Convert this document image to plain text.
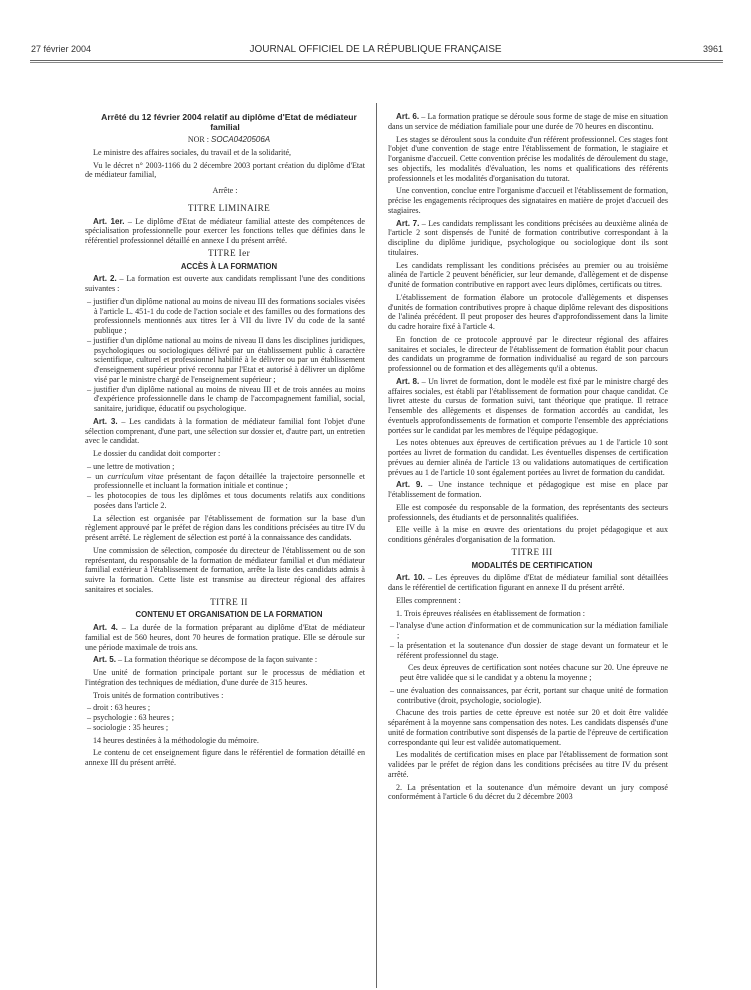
27 février 2004	JOURNAL OFFICIEL DE LA RÉPUBLIQUE FRANÇAISE	3961

Arrêté du 12 février 2004 relatif au diplôme d'Etat de médiateur familial

NOR : SOCA0420506A

Le ministre des affaires sociales, du travail et de la solidarité,

Vu le décret n° 2003-1166 du 2 décembre 2003 portant création du diplôme d'Etat de médiateur familial,

Arrête :

TITRE LIMINAIRE

Art. 1er. – Le diplôme d'Etat de médiateur familial atteste des compétences de spécialisation professionnelle pour exercer les fonctions telles que définies dans le référentiel professionnel détaillé en annexe I du présent arrêté.

TITRE Ier

ACCÈS À LA FORMATION

Art. 2. – La formation est ouverte aux candidats remplissant l'une des conditions suivantes :

– justifier d'un diplôme national au moins de niveau III des formations sociales visées à l'article L. 451-1 du code de l'action sociale et des familles ou des formations des professionnels mentionnés aux titres Ier à VII du livre IV du code de la santé publique ;
– justifier d'un diplôme national au moins de niveau II dans les disciplines juridiques, psychologiques ou sociologiques délivré par un établissement public à caractère scientifique, culturel et professionnel habilité à le délivrer ou par un établissement d'enseignement supérieur privé reconnu par l'Etat et autorisé à délivrer un diplôme visé par le ministre chargé de l'enseignement supérieur ;
– justifier d'un diplôme national au moins de niveau III et de trois années au moins d'expérience professionnelle dans le champ de l'accompagnement familial, social, sanitaire, juridique, éducatif ou psychologique.

Art. 3. – Les candidats à la formation de médiateur familial font l'objet d'une sélection comprenant, d'une part, une sélection sur dossier et, d'autre part, un entretien avec le candidat.

Le dossier du candidat doit comporter :

– une lettre de motivation ;
– un curriculum vitae présentant de façon détaillée la trajectoire personnelle et professionnelle et incluant la formation initiale et continue ;
– les photocopies de tous les diplômes et tous documents relatifs aux conditions posées dans l'article 2.

La sélection est organisée par l'établissement de formation sur la base d'un règlement approuvé par le préfet de région dans les conditions précisées au titre IV du présent arrêté. Le règlement de sélection est porté à la connaissance des candidats.

Une commission de sélection, composée du directeur de l'établissement ou de son représentant, du responsable de la formation de médiateur familial et d'un médiateur familial extérieur à l'établissement de formation, arrête la liste des candidats admis à suivre la formation. Cette liste est transmise au directeur régional des affaires sanitaires et sociales.

TITRE II

CONTENU ET ORGANISATION DE LA FORMATION

Art. 4. – La durée de la formation préparant au diplôme d'Etat de médiateur familial est de 560 heures, dont 70 heures de formation pratique. Elle se déroule sur une période maximale de trois ans.

Art. 5. – La formation théorique se décompose de la façon suivante :

Une unité de formation principale portant sur le processus de médiation et l'intégration des techniques de médiation, d'une durée de 315 heures.

Trois unités de formation contributives :

– droit : 63 heures ;
– psychologie : 63 heures ;
– sociologie : 35 heures ;

14 heures destinées à la méthodologie du mémoire.

Le contenu de cet enseignement figure dans le référentiel de formation détaillé en annexe III du présent arrêté.

Art. 6. – La formation pratique se déroule sous forme de stage de mise en situation dans un service de médiation familiale pour une durée de 70 heures en discontinu.

Les stages se déroulent sous la conduite d'un référent professionnel. Ces stages font l'objet d'une convention de stage entre l'établissement de formation, le stagiaire et l'organisme d'accueil. Cette convention précise les modalités de déroulement du stage, ses objectifs, les modalités d'évaluation, les noms et qualifications des référents professionnels et les modalités d'organisation du tutorat.

Une convention, conclue entre l'organisme d'accueil et l'établissement de formation, précise les engagements réciproques des signataires en matière de projet d'accueil des stagiaires.

Art. 7. – Les candidats remplissant les conditions précisées au deuxième alinéa de l'article 2 sont dispensés de l'unité de formation contributive correspondant à la discipline du diplôme juridique, psychologique ou sociologique dont ils sont titulaires.

Les candidats remplissant les conditions précisées au premier ou au troisième alinéa de l'article 2 peuvent bénéficier, sur leur demande, d'allègement et de dispense d'unité de formation contributive en rapport avec leurs diplômes, certificats ou titres.

L'établissement de formation élabore un protocole d'allègements et dispenses d'unités de formation contributives propre à chaque diplôme relevant des dispositions de l'alinéa précédent. Il peut proposer des heures d'approfondissement dans la limite du cadre horaire fixé à l'article 4.

En fonction de ce protocole approuvé par le directeur régional des affaires sanitaires et sociales, le directeur de l'établissement de formation établit pour chacun des candidats un programme de formation individualisé au regard de son parcours professionnel ou de formation et des allègements qu'il a obtenus.

Art. 8. – Un livret de formation, dont le modèle est fixé par le ministre chargé des affaires sociales, est établi par l'établissement de formation pour chaque candidat. Ce livret atteste du cursus de formation suivi, tant théorique que pratique. Il retrace l'ensemble des allègements et dispenses de formation accordés au candidat, les éventuels approfondissements de formation et comporte l'ensemble des appréciations portées sur le candidat par les membres de l'équipe pédagogique.

Les notes obtenues aux épreuves de certification prévues au 1 de l'article 10 sont portées au livret de formation du candidat. Les éventuelles dispenses de certification prévues au dernier alinéa de l'article 13 ou validations automatiques de certification prévues au 1 de l'article 10 sont également portées au livret de formation du candidat.

Art. 9. – Une instance technique et pédagogique est mise en place par l'établissement de formation.

Elle est composée du responsable de la formation, des représentants des secteurs professionnels, des étudiants et de personnalités qualifiées.

Elle veille à la mise en œuvre des orientations du projet pédagogique et aux conditions générales d'organisation de la formation.

TITRE III

MODALITÉS DE CERTIFICATION

Art. 10. – Les épreuves du diplôme d'Etat de médiateur familial sont détaillées dans le référentiel de certification figurant en annexe II du présent arrêté.

Elles comprennent :

1. Trois épreuves réalisées en établissement de formation :

– l'analyse d'une action d'information et de communication sur la médiation familiale ;
– la présentation et la soutenance d'un dossier de stage devant un formateur et le référent professionnel du stage.

Ces deux épreuves de certification sont notées chacune sur 20. Une épreuve ne peut être validée que si le candidat y a obtenu la moyenne ;

– une évaluation des connaissances, par écrit, portant sur chaque unité de formation contributive (droit, psychologie, sociologie).

Chacune des trois parties de cette épreuve est notée sur 20 et doit être validée séparément à la moyenne sans compensation des notes. Les candidats dispensés d'une unité de formation contributive sont dispensés de la partie de l'épreuve de certification correspondante qui leur est validée automatiquement.

Les modalités de certification mises en place par l'établissement de formation sont validées par le préfet de région dans les conditions précisées au titre IV du présent arrêté.

2. La présentation et la soutenance d'un mémoire devant un jury composé conformément à l'article 6 du décret du 2 décembre 2003
